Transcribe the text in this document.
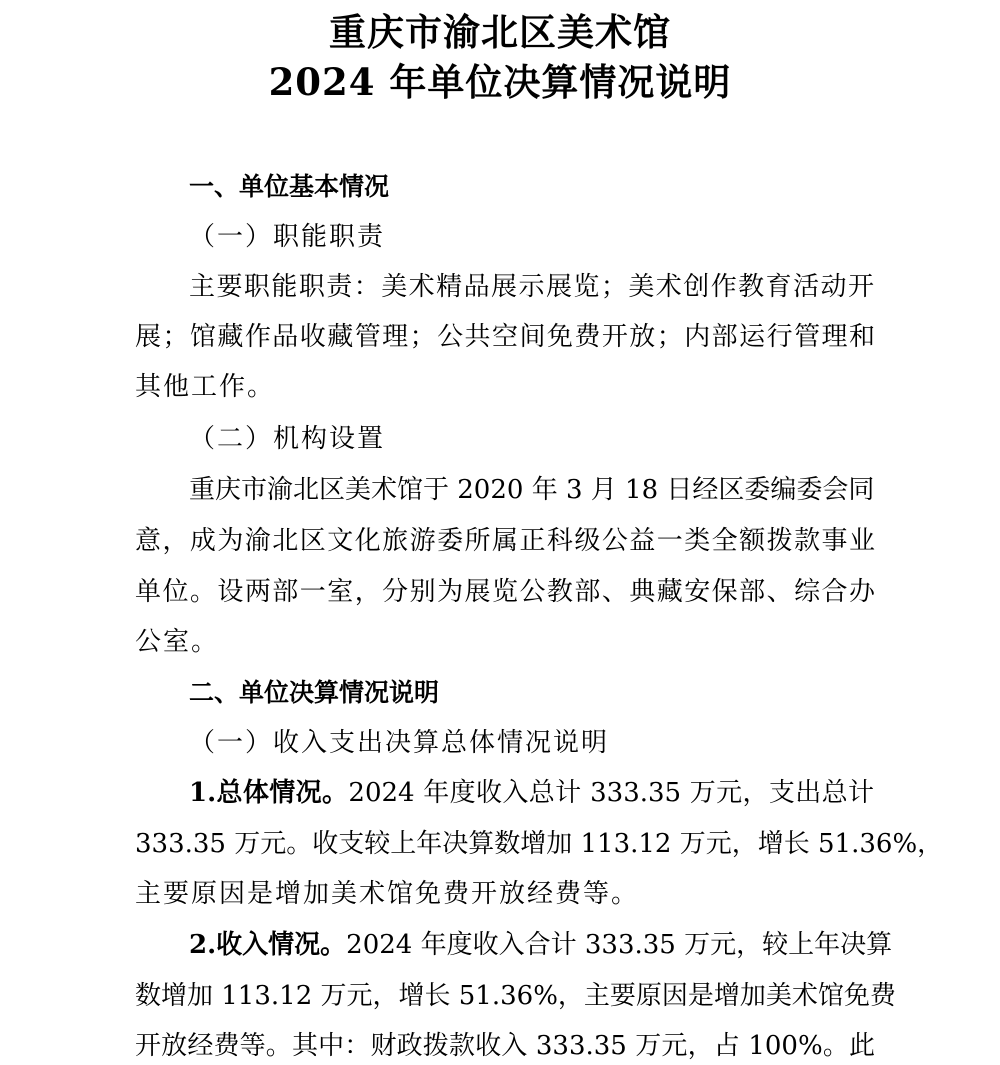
重庆市渝北区美术馆
2024 年单位决算情况说明
一、单位基本情况
（一）职能职责
主要职能职责：美术精品展示展览；美术创作教育活动开
展；馆藏作品收藏管理；公共空间免费开放；内部运行管理和
其他工作。
（二）机构设置
重庆市渝北区美术馆于 2020 年 3 月 18 日经区委编委会同
意，成为渝北区文化旅游委所属正科级公益一类全额拨款事业
单位。设两部一室，分别为展览公教部、典藏安保部、综合办
公室。
二、单位决算情况说明
（一）收入支出决算总体情况说明
1.总体情况。2024 年度收入总计 333.35 万元，支出总计
333.35 万元。收支较上年决算数增加 113.12 万元，增长 51.36%，
主要原因是增加美术馆免费开放经费等。
2.收入情况。2024 年度收入合计 333.35 万元，较上年决算
数增加 113.12 万元，增长 51.36%，主要原因是增加美术馆免费
开放经费等。其中：财政拨款收入 333.35 万元，占 100%。此
